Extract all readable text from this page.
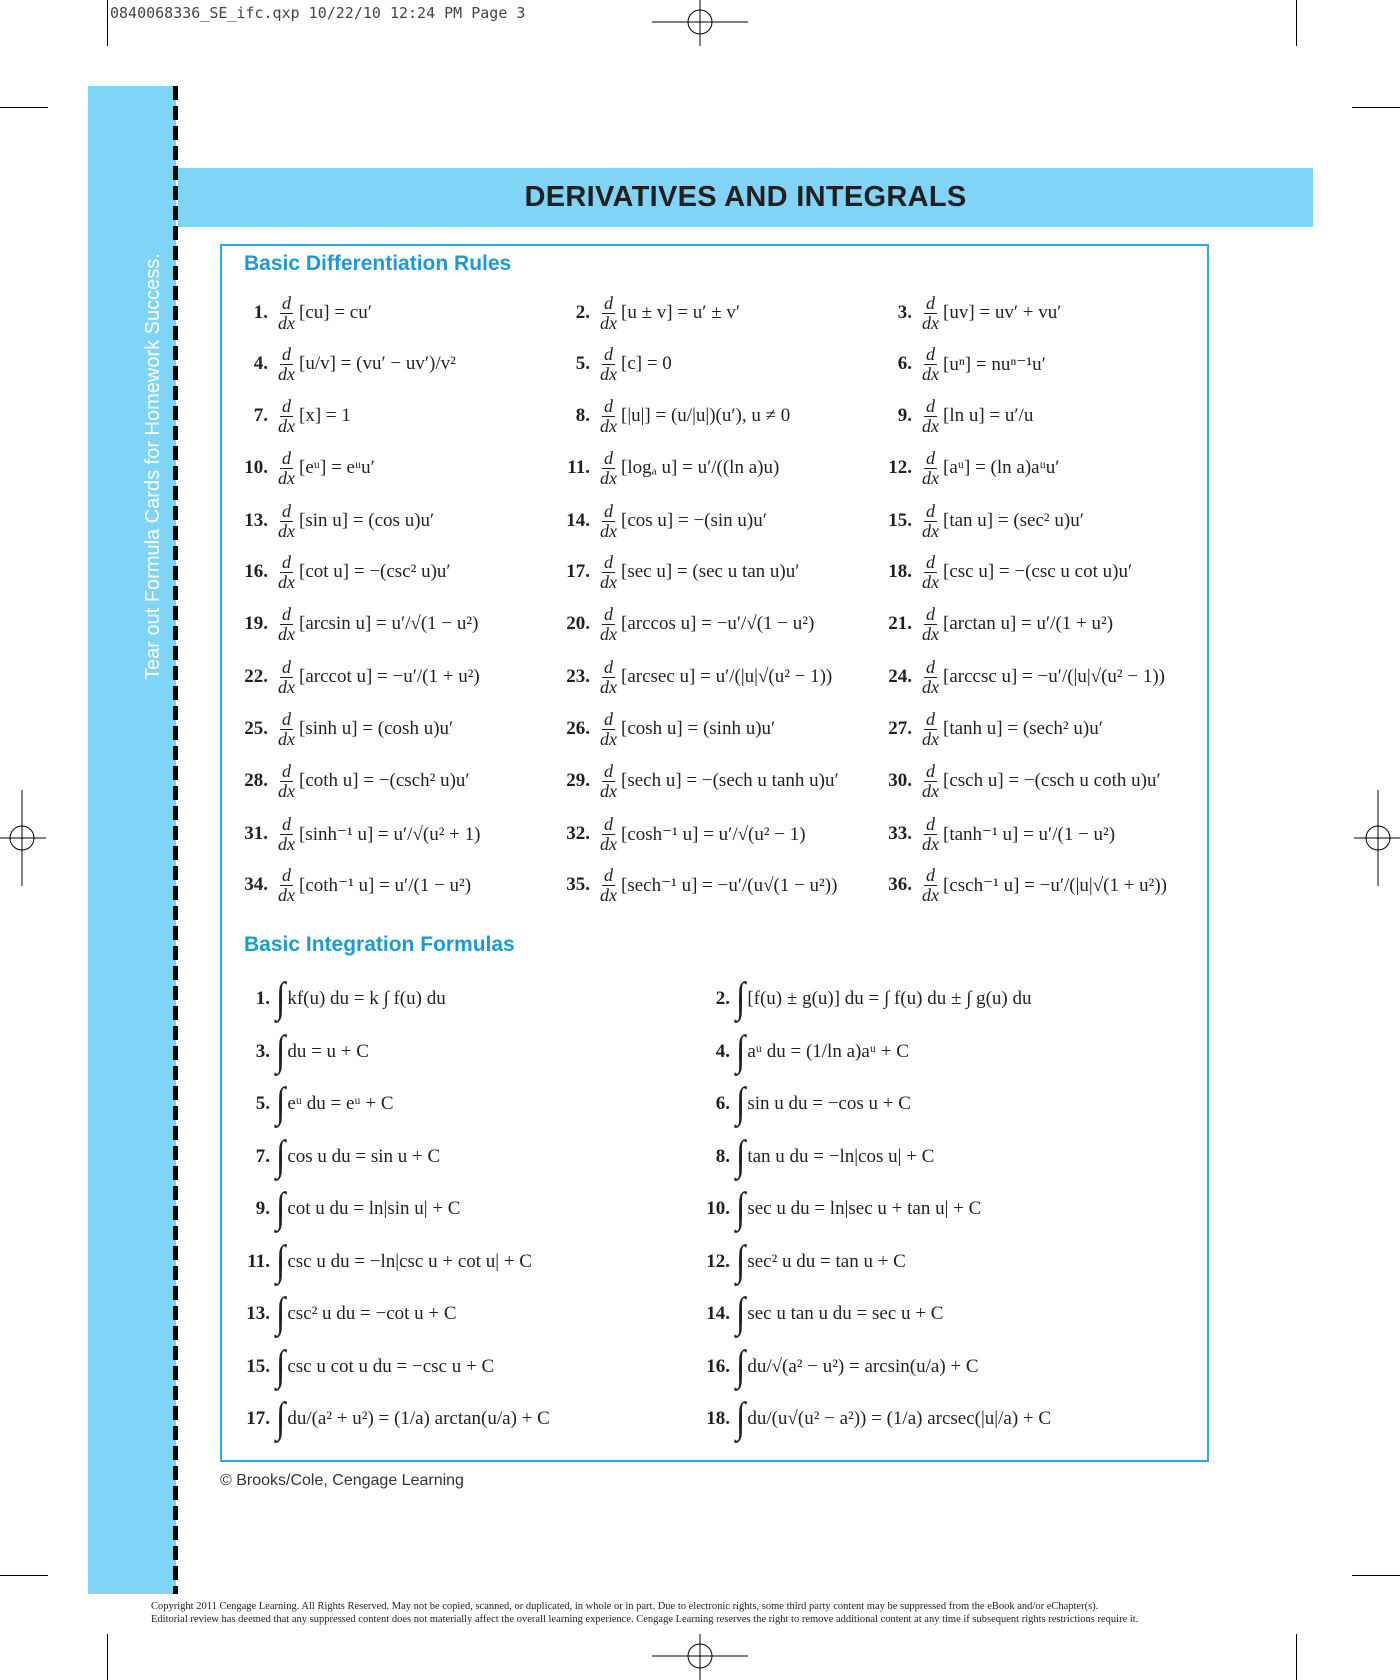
0840068336_SE_ifc.qxp 10/22/10 12:24 PM Page 3
Tear out Formula Cards for Homework Success.
DERIVATIVES AND INTEGRALS
Basic Differentiation Rules
1. $\frac{d}{dx} [cu] = cu'$	2. $\frac{d}{dx} [u \pm v] = u' \pm v'$	3. $\frac{d}{dx} [uv] = uv' + vu'$
4. $\frac{d}{dx} [u/v] = (vu' - uv')/v^2$	5. $\frac{d}{dx} [c] = 0$	6. $\frac{d}{dx} [u^n] = nu^{n-1}u'$
7. $\frac{d}{dx} [x] = 1$	8. $\frac{d}{dx} [|u|] = (u/|u|)(u')$, u ≠ 0	9. $\frac{d}{dx} [\ln$ u] = u′/u
10. $\frac{d}{dx}$ [eᵘ] = eᵘu′	11. $\frac{d}{dx} [\log_a$ u] = u′/((ln a)u)	12. $\frac{d}{dx}$ [aᵘ] = (ln a)aᵘu′
13. $\frac{d}{dx} [\sin$ u] = (cos u)u′	14. $\frac{d}{dx} [\cos$ u] = −(sin u)u′	15. $\frac{d}{dx} [\tan$ u] = (sec² u)u′
16. $\frac{d}{dx} [\cot$ u] = −(csc² u)u′	17. $\frac{d}{dx} [\sec$ u] = (sec u tan u)u′	18. $\frac{d}{dx} [\csc$ u] = −(csc u cot u)u′
19. $\frac{d}{dx} [\arcsin$ u] = u′/√(1 − u²)	20. $\frac{d}{dx} [\arccos$ u] = −u′/√(1 − u²)	21. $\frac{d}{dx} [\arctan$ u] = u′/(1 + u²)
22. $\frac{d}{dx} [arccot$ u] = −u′/(1 + u²)	23. $\frac{d}{dx} [arcsec$ u] = u′/(|u|√(u² − 1))	24. $\frac{d}{dx} [arccsc$ u] = −u′/(|u|√(u² − 1))
25. $\frac{d}{dx} [\sinh$ u] = (cosh u)u′	26. $\frac{d}{dx} [\cosh$ u] = (sinh u)u′	27. $\frac{d}{dx} [\tanh$ u] = (sech² u)u′
28. $\frac{d}{dx} [\cot h$ u] = −(csch² u)u′	29. $\frac{d}{dx} [\sec h$ u] = −(sech u tanh u)u′	30. $\frac{d}{dx} [\csc h$ u] = −(csch u coth u)u′
31. $\frac{d}{dx} [\sinh^{-1}$ u] = u′/√(u² + 1)	32. $\frac{d}{dx} [\cosh^{-1}$ u] = u′/√(u² − 1)	33. $\frac{d}{dx} [\tanh^{-1}$ u] = u′/(1 − u²)
34. $\frac{d}{dx} [\cot h^{-1}$ u] = u′/(1 − u²)	35. $\frac{d}{dx} [\sec h^{-1}$ u] = −u′/(u√(1 − u²))	36. $\frac{d}{dx} [\csc h^{-1}$ u] = −u′/(|u|√(1 + u²))
Basic Integration Formulas
1. ∫ kf(u) du = k ∫ f(u) du	2. ∫ [f(u) ± g(u)] du = ∫ f(u) du ± ∫ g(u) du
3. ∫ du = u + C	4. ∫ aᵘ du = (1/ln a)aᵘ + C
5. ∫ eᵘ du = eᵘ + C	6. ∫ sin u du = −cos u + C
7. ∫ cos u du = sin u + C	8. ∫ tan u du = −ln|cos u| + C
9. ∫ cot u du = ln|sin u| + C	10. ∫ sec u du = ln|sec u + tan u| + C
11. ∫ csc u du = −ln|csc u + cot u| + C	12. ∫ sec² u du = tan u + C
13. ∫ csc² u du = −cot u + C	14. ∫ sec u tan u du = sec u + C
15. ∫ csc u cot u du = −csc u + C	16. ∫ du/√(a² − u²) = arcsin(u/a) + C
17. ∫ du/(a² + u²) = (1/a) arctan(u/a) + C	18. ∫ du/(u√(u² − a²)) = (1/a) arcsec(|u|/a) + C
© Brooks/Cole, Cengage Learning
Copyright 2011 Cengage Learning. All Rights Reserved. May not be copied, scanned, or duplicated, in whole or in part. Due to electronic rights, some third party content may be suppressed from the eBook and/or eChapter(s).
Editorial review has deemed that any suppressed content does not materially affect the overall learning experience. Cengage Learning reserves the right to remove additional content at any time if subsequent rights restrictions require it.
